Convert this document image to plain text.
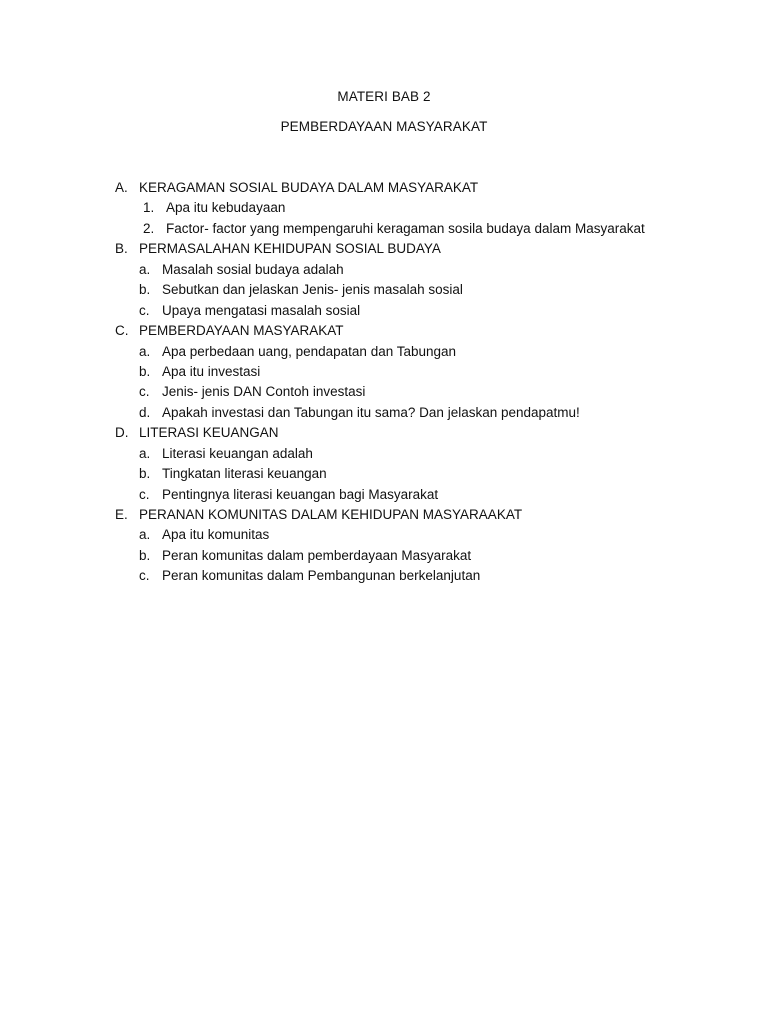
MATERI BAB 2
PEMBERDAYAAN MASYARAKAT
A. KERAGAMAN SOSIAL BUDAYA DALAM MASYARAKAT
1. Apa itu kebudayaan
2. Factor- factor yang mempengaruhi keragaman sosila budaya dalam Masyarakat
B. PERMASALAHAN KEHIDUPAN SOSIAL BUDAYA
a. Masalah sosial budaya adalah
b. Sebutkan dan jelaskan Jenis- jenis masalah sosial
c. Upaya mengatasi masalah sosial
C. PEMBERDAYAAN MASYARAKAT
a. Apa perbedaan uang, pendapatan dan Tabungan
b. Apa itu investasi
c. Jenis- jenis DAN Contoh investasi
d. Apakah investasi dan Tabungan itu sama? Dan jelaskan pendapatmu!
D. LITERASI KEUANGAN
a. Literasi keuangan adalah
b. Tingkatan literasi keuangan
c. Pentingnya literasi keuangan bagi Masyarakat
E. PERANAN KOMUNITAS DALAM KEHIDUPAN MASYARAAKAT
a. Apa itu komunitas
b. Peran komunitas dalam pemberdayaan Masyarakat
c. Peran komunitas dalam Pembangunan berkelanjutan
